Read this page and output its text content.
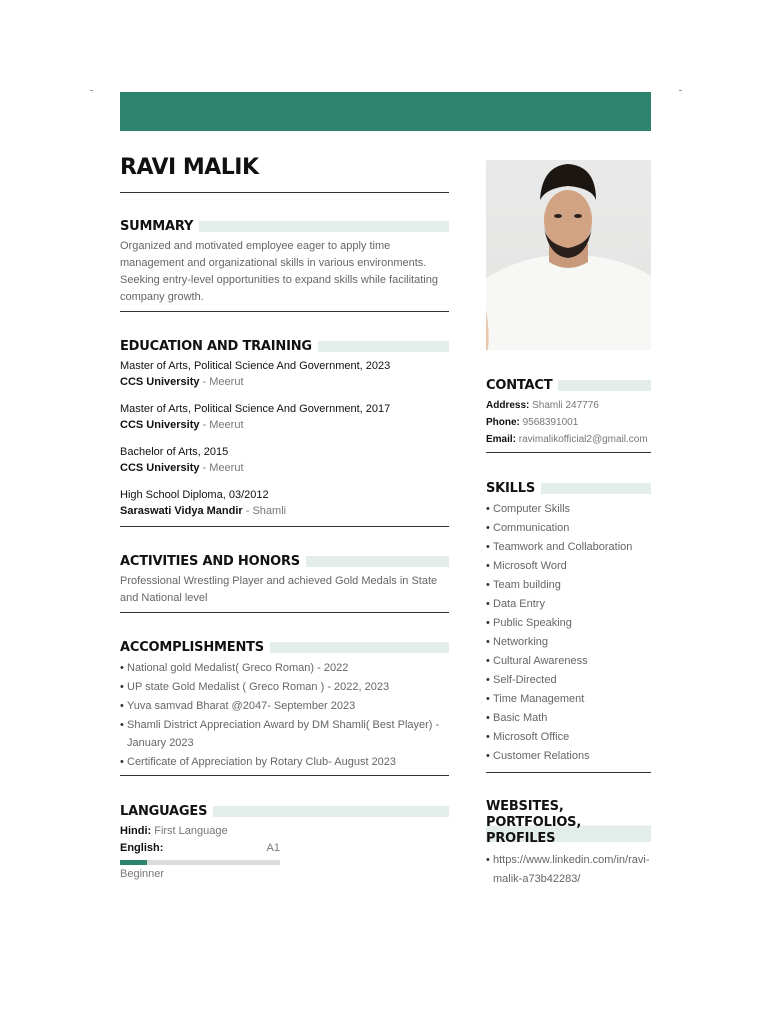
RAVI MALIK
SUMMARY

Organized and motivated employee eager to apply time management and organizational skills in various environments. Seeking entry-level opportunities to expand skills while facilitating company growth.

EDUCATION AND TRAINING
Master of Arts, Political Science And Government, 2023
CCS University - Meerut
Master of Arts, Political Science And Government, 2017
CCS University - Meerut
Bachelor of Arts, 2015
CCS University - Meerut
High School Diploma, 03/2012
Saraswati Vidya Mandir - Shamli
ACTIVITIES AND HONORS

Professional Wrestling Player and achieved Gold Medals in State and National level

ACCOMPLISHMENTS
• National gold Medalist( Greco Roman) - 2022
• UP state Gold Medalist ( Greco Roman ) - 2022, 2023
• Yuva samvad Bharat @2047- September 2023
• Shamli District Appreciation Award by DM Shamli( Best Player) - January 2023
• Certificate of Appreciation by Rotary Club- August 2023
LANGUAGES
Hindi: First Language
English:	A1
Beginner
CONTACT
Address: Shamli 247776
Phone: 9568391001
Email: ravimalikofficial2@gmail.com
SKILLS
• Computer Skills
• Communication
• Teamwork and Collaboration
• Microsoft Word
• Team building
• Data Entry
• Public Speaking
• Networking
• Cultural Awareness
• Self-Directed
• Time Management
• Basic Math
• Microsoft Office
• Customer Relations
WEBSITES, PORTFOLIOS, PROFILES
• https://www.linkedin.com/in/ravi-malik-a73b42283/
